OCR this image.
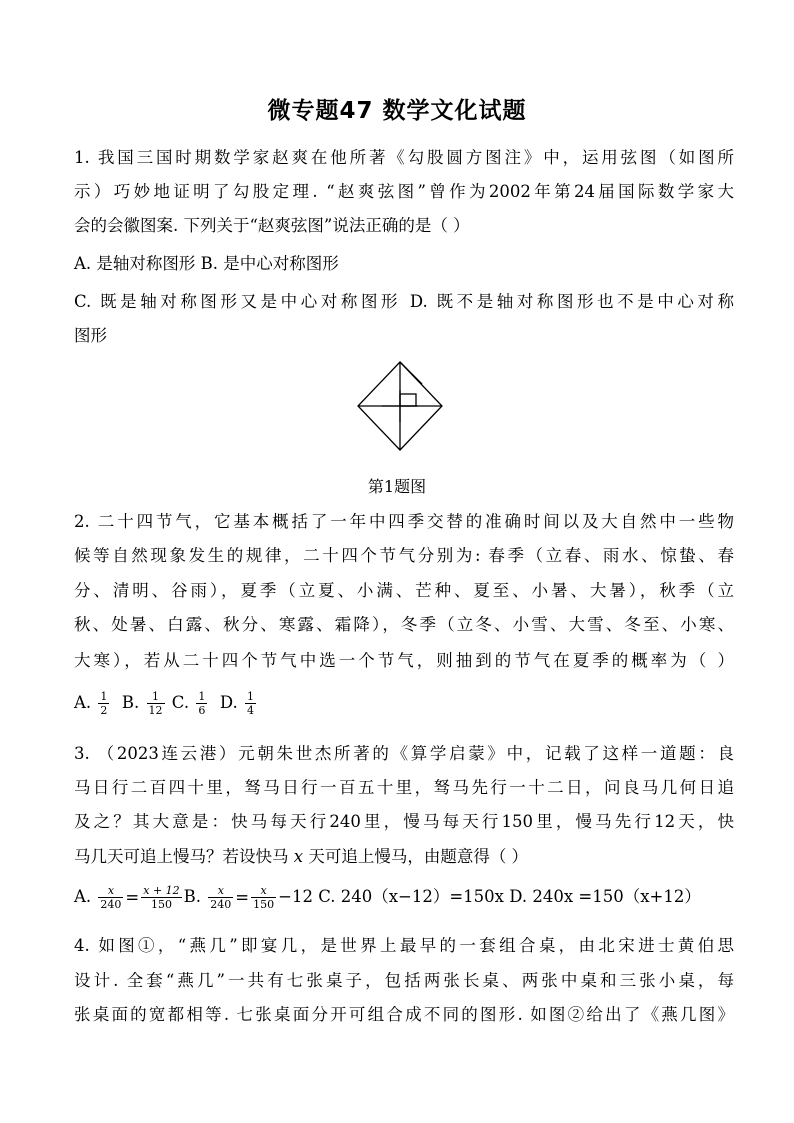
微专题47 数学文化试题
1. 我国三国时期数学家赵爽在他所著《勾股圆方图注》中，运用弦图（如图所
示）巧妙地证明了勾股定理. “赵爽弦图”曾作为2002年第24届国际数学家大
会的会徽图案. 下列关于“赵爽弦图”说法正确的是（ ）
A. 是轴对称图形 B. 是中心对称图形
C. 既是轴对称图形又是中心对称图形 D. 既不是轴对称图形也不是中心对称
图形
第1题图
2. 二十四节气，它基本概括了一年中四季交替的准确时间以及大自然中一些物
候等自然现象发生的规律，二十四个节气分别为: 春季（立春、雨水、惊蛰、春
分、清明、谷雨），夏季（立夏、小满、芒种、夏至、小暑、大暑），秋季（立
秋、处暑、白露、秋分、寒露、霜降），冬季（立冬、小雪、大雪、冬至、小寒、
大寒），若从二十四个节气中选一个节气，则抽到的节气在夏季的概率为（ ）
A. $\frac{1}{2} B$. $\frac{1}{12} C$. $\frac{1}{6} D$. $\frac{1}{4}$
3. （2023连云港）元朝朱世杰所著的《算学启蒙》中，记载了这样一道题：良
马日行二百四十里，驽马日行一百五十里，驽马先行一十二日，问良马几何日追
及之？其大意是：快马每天行240里，慢马每天行150里，慢马先行12天，快
马几天可追上慢马？若设快马 x 天可追上慢马，由题意得（ ）
A. $\frac{x}{240} = \frac{x + 12}{150} B$. $\frac{x}{240} = \frac{x}{150} -12$ C. 240（x−12）=150x D. 240x =150（x+12）
4. 如图①，“燕几”即宴几，是世界上最早的一套组合桌，由北宋进士黄伯思
设计. 全套“燕几”一共有七张桌子，包括两张长桌、两张中桌和三张小桌，每
张桌面的宽都相等. 七张桌面分开可组合成不同的图形. 如图②给出了《燕几图》
